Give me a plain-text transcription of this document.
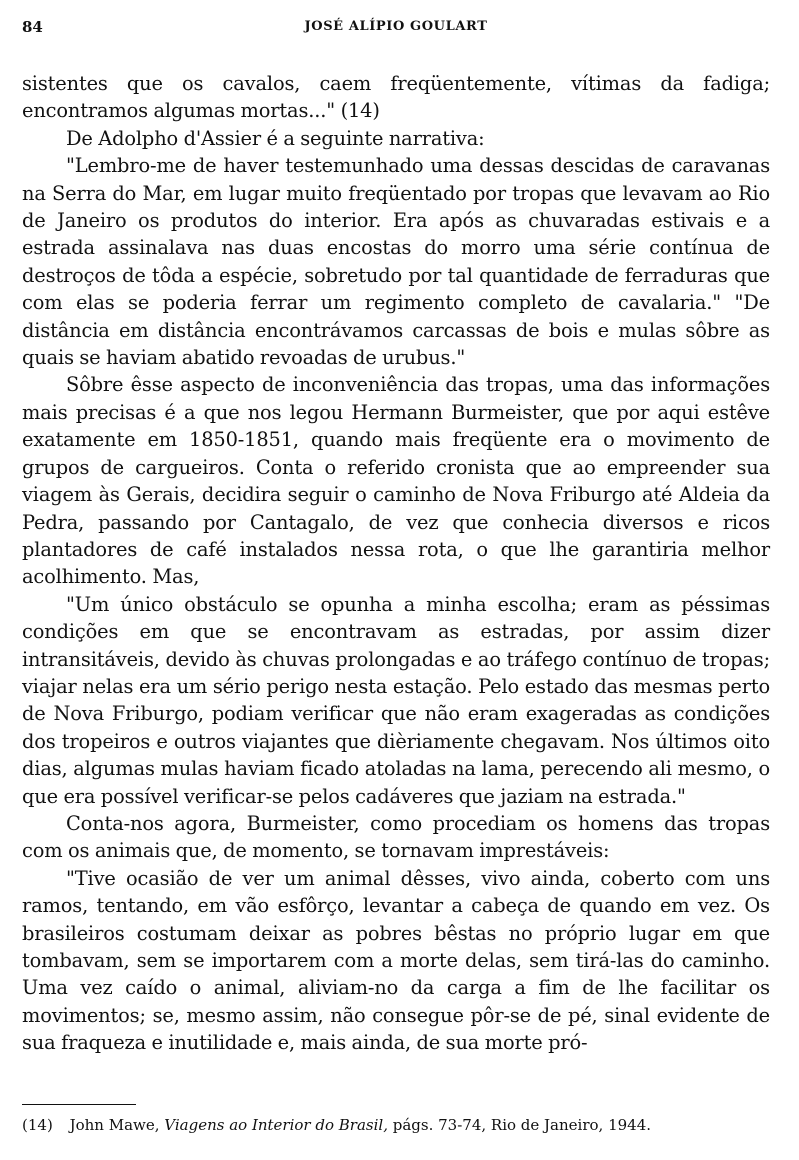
84	JOSÉ ALÍPIO GOULART

sistentes que os cavalos, caem freqüentemente, vítimas da fadiga; encontramos algumas mortas..." (14)

De Adolpho d'Assier é a seguinte narrativa:

"Lembro-me de haver testemunhado uma dessas descidas de caravanas na Serra do Mar, em lugar muito freqüentado por tropas que levavam ao Rio de Janeiro os produtos do interior. Era após as chuvaradas estivais e a estrada assinalava nas duas encostas do morro uma série contínua de destroços de tôda a espécie, sobretudo por tal quantidade de ferraduras que com elas se poderia ferrar um regimento completo de cavalaria." "De distância em distância encontrávamos carcassas de bois e mulas sôbre as quais se haviam abatido revoadas de urubus."

Sôbre êsse aspecto de inconveniência das tropas, uma das informações mais precisas é a que nos legou Hermann Burmeister, que por aqui estêve exatamente em 1850-1851, quando mais freqüente era o movimento de grupos de cargueiros. Conta o referido cronista que ao empreender sua viagem às Gerais, decidira seguir o caminho de Nova Friburgo até Aldeia da Pedra, passando por Cantagalo, de vez que conhecia diversos e ricos plantadores de café instalados nessa rota, o que lhe garantiria melhor acolhimento. Mas,

"Um único obstáculo se opunha a minha escolha; eram as péssimas condições em que se encontravam as estradas, por assim dizer intransitáveis, devido às chuvas prolongadas e ao tráfego contínuo de tropas; viajar nelas era um sério perigo nesta estação. Pelo estado das mesmas perto de Nova Friburgo, podiam verificar que não eram exageradas as condições dos tropeiros e outros viajantes que dièriamente chegavam. Nos últimos oito dias, algumas mulas haviam ficado atoladas na lama, perecendo ali mesmo, o que era possível verificar-se pelos cadáveres que jaziam na estrada."

Conta-nos agora, Burmeister, como procediam os homens das tropas com os animais que, de momento, se tornavam imprestáveis:

"Tive ocasião de ver um animal dêsses, vivo ainda, coberto com uns ramos, tentando, em vão esfôrço, levantar a cabeça de quando em vez. Os brasileiros costumam deixar as pobres bêstas no próprio lugar em que tombavam, sem se importarem com a morte delas, sem tirá-las do caminho. Uma vez caído o animal, aliviam-no da carga a fim de lhe facilitar os movimentos; se, mesmo assim, não consegue pôr-se de pé, sinal evidente de sua fraqueza e inutilidade e, mais ainda, de sua morte pró-

(14) John Mawe, Viagens ao Interior do Brasil, págs. 73-74, Rio de Janeiro, 1944.
